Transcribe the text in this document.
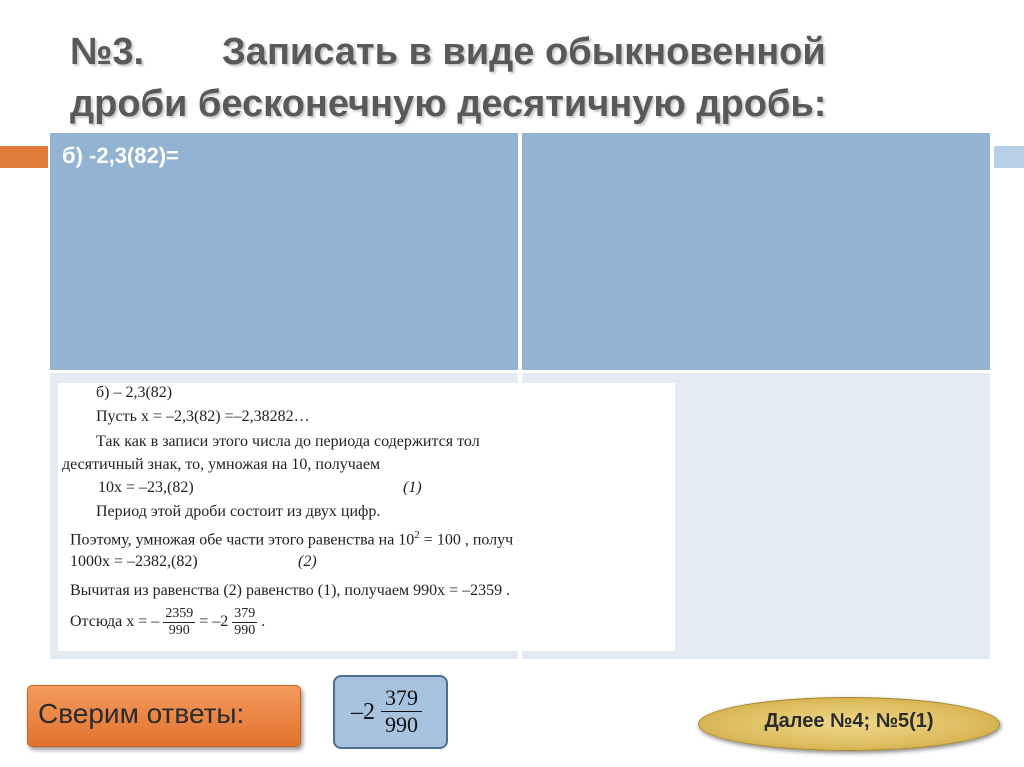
№3. Записать в виде обыкновенной
дроби бесконечную десятичную дробь:
б) -2,3(82)=
б) – 2,3(82)
Пусть x = –2,3(82) =–2,38282…
Так как в записи этого числа до периода содержится тол
десятичный знак, то, умножая на 10, получаем
10x = –23,(82)	(1)
Период этой дроби состоит из двух цифр.
Поэтому, умножая обе части этого равенства на $10^2 = 100$ , получ
1000x = –2382,(82)	(2)
Вычитая из равенства (2) равенство (1), получаем 990x = –2359 .
Отсюда x = – $\frac{2359}{990} = -2 \frac{379}{990}$ .
Сверим ответы:	$-2 \frac{379}{990}$	Далее №4; №5(1)
